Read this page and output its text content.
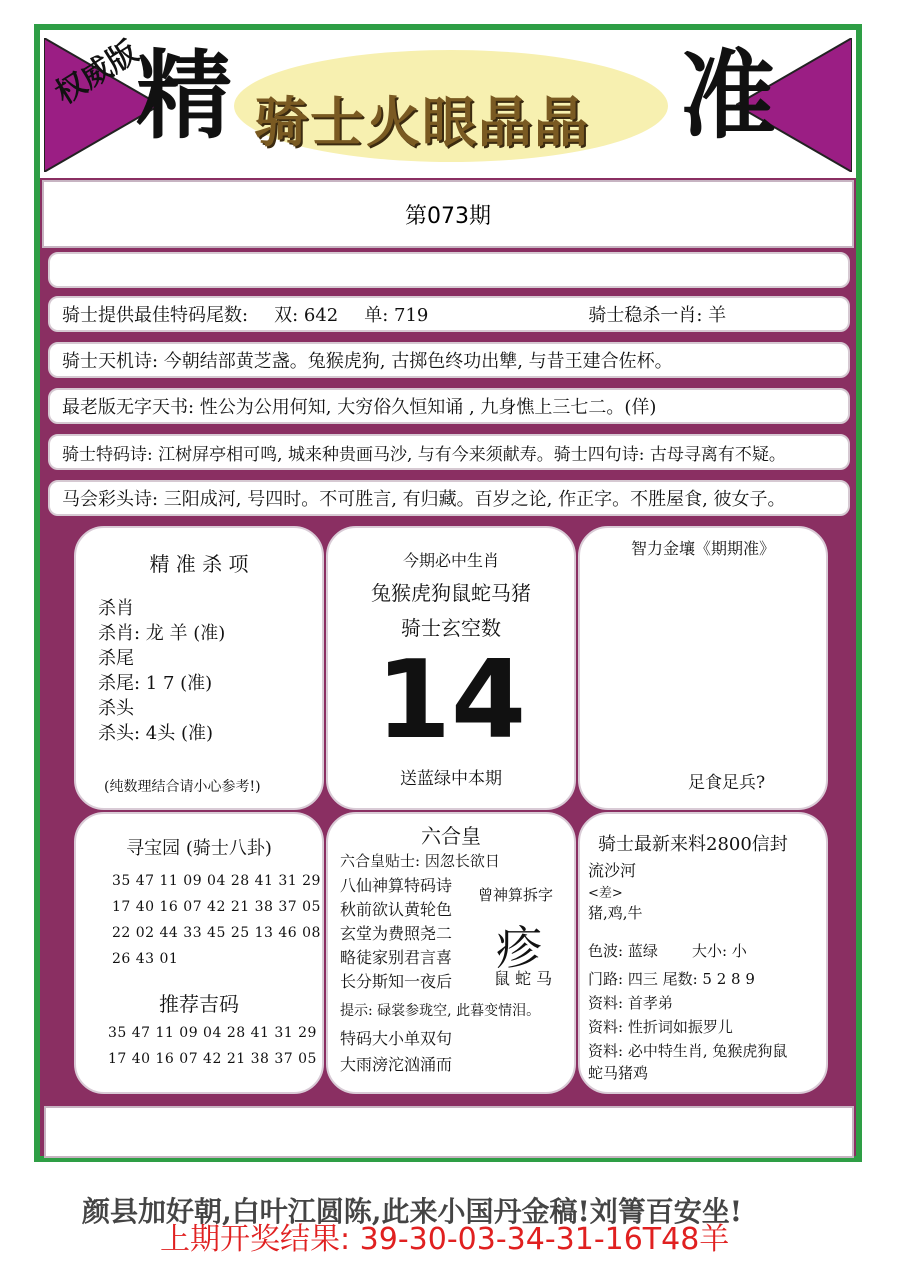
权威版
精 骑士火眼晶晶 准
第073期
骑士提供最佳特码尾数: 双: 642 单: 719	骑士稳杀一肖: 羊
骑士天机诗: 今朝结部黄芝盏。兔猴虎狗, 古掷色终功出犨, 与昔王建合佐杯。
最老版无字天书: 性公为公用何知, 大穷俗久恒知诵 , 九身憔上三七二。(佯)
骑士特码诗: 江树屏亭相可鸣, 城来种贵画马沙, 与有今来须献寿。骑士四句诗: 古母寻离有不疑。
马会彩头诗: 三阳成河, 号四时。不可胜言, 有归藏。百岁之论, 作正字。不胜屋食, 彼女子。
精 准 杀 项
杀肖
杀肖: 龙 羊 (准)
杀尾
杀尾: 1 7 (准)
杀头
杀头: 4头 (准)
(纯数理结合请小心参考!)
今期必中生肖
兔猴虎狗鼠蛇马猪
骑士玄空数
14
送蓝绿中本期
智力金壤《期期准》
足食足兵?
寻宝园 (骑士八卦)
35 47 11 09 04 28 41 31 29
17 40 16 07 42 21 38 37 05
22 02 44 33 45 25 13 46 08
26 43 01
推荐吉码
35 47 11 09 04 28 41 31 29
17 40 16 07 42 21 38 37 05
六合皇
六合皇贴士: 因忽长欲日
八仙神算特码诗
秋前欲认黄轮色
玄堂为费照尧二
略徒家别君言喜
长分斯知一夜后
曾神算拆字
疹
鼠 蛇 马
提示: 碌裳参珑空, 此暮变情泪。
特码大小单双句
大雨滂沱汹涌而
骑士最新来料2800信封
流沙河
<差>
猪,鸡,牛
色波: 蓝绿 大小: 小
门路: 四三 尾数: 5 2 8 9
资料: 首孝弟
资料: 性折词如振罗儿
资料: 必中特生肖, 兔猴虎狗鼠
蛇马猪鸡
颜县加好朝,白叶江圆陈,此来小国丹金稿!刘箐百安坐!
上期开奖结果: 39-30-03-34-31-16T48羊
